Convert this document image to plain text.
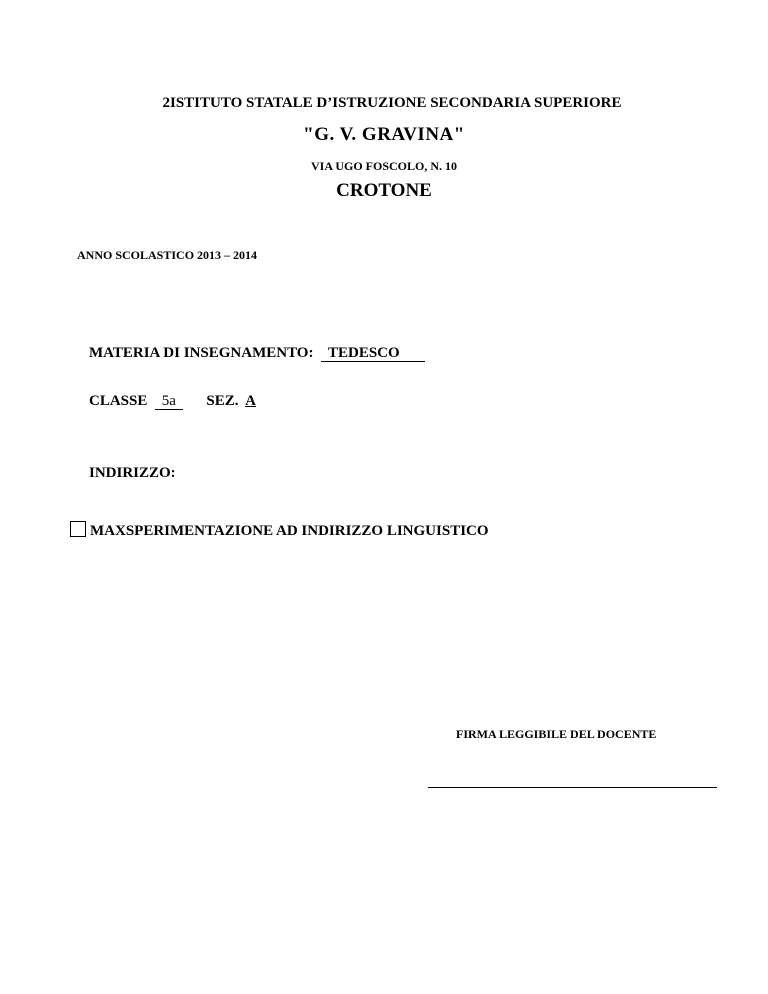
2ISTITUTO STATALE D’ISTRUZIONE SECONDARIA SUPERIORE
"G. V. GRAVINA"
VIA UGO FOSCOLO, N. 10
CROTONE
ANNO SCOLASTICO 2013 – 2014
MATERIA DI INSEGNAMENTO: TEDESCO
CLASSE 5a SEZ. A
INDIRIZZO:
MAXSPERIMENTAZIONE AD INDIRIZZO LINGUISTICO
FIRMA LEGGIBILE DEL DOCENTE
